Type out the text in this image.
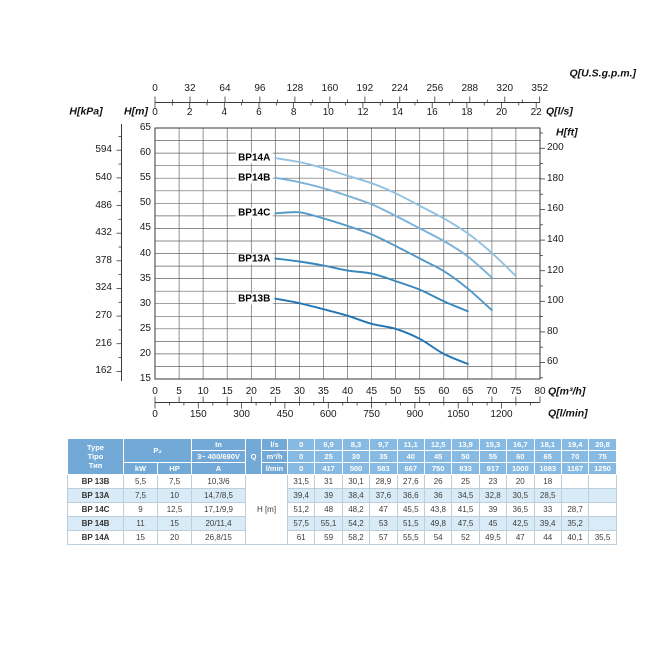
Q[U.S.g.p.m.]
Q[l/s]
H[kPa] H[m]
H[ft]
Q[m³/h]
Q[l/min]
0	32 64 96 128 160 192 224 256 288 320 352
0	2	4	6	8	10 12 14 16 18 20 22
594
540
486
432
378
324
270
216
162
65
60
55
50
45
40
35
30
25
20
15
200
180
160
140
120
100
80
60
0 5 10 15 20 25 30 35 40 45 50 55 60 65 70 75 80
0	150	300	450	600	750	900 1050 1200
BP14A
BP14B
BP14C
BP13A
BP13B
Type
Tipo
Тип	P₂		In	Q	l/s	0	6,9	8,3	9,7	11,1	12,5	13,9	15,3	16,7	18,1	19,4	20,8
			3~ 400/690V		m³/h	0	25	30	35	40	45	50	55	60	65	70	75
	kW	HP	A		l/min	0	417	500	583	667	750	833	917	1000	1083	1167	1250
BP 13B	5,5	7,5	10,3/6	H [m]		31,5	31	30,1	28,9	27,6	26	25	23	20	18		
BP 13A	7,5	10	14,7/8,5			39,4	39	38,4	37,6	36,6	36	34,5	32,8	30,5	28,5		
BP 14C	9	12,5	17,1/9,9			51,2	48	48,2	47	45,5	43,8	41,5	39	36,5	33	28,7	
BP 14B	11	15	20/11,4			57,5	55,1	54,2	53	51,5	49,8	47,5	45	42,5	39,4	35,2	
BP 14A	15	20	26,8/15			61	59	58,2	57	55,5	54	52	49,5	47	44	40,1	35,5
